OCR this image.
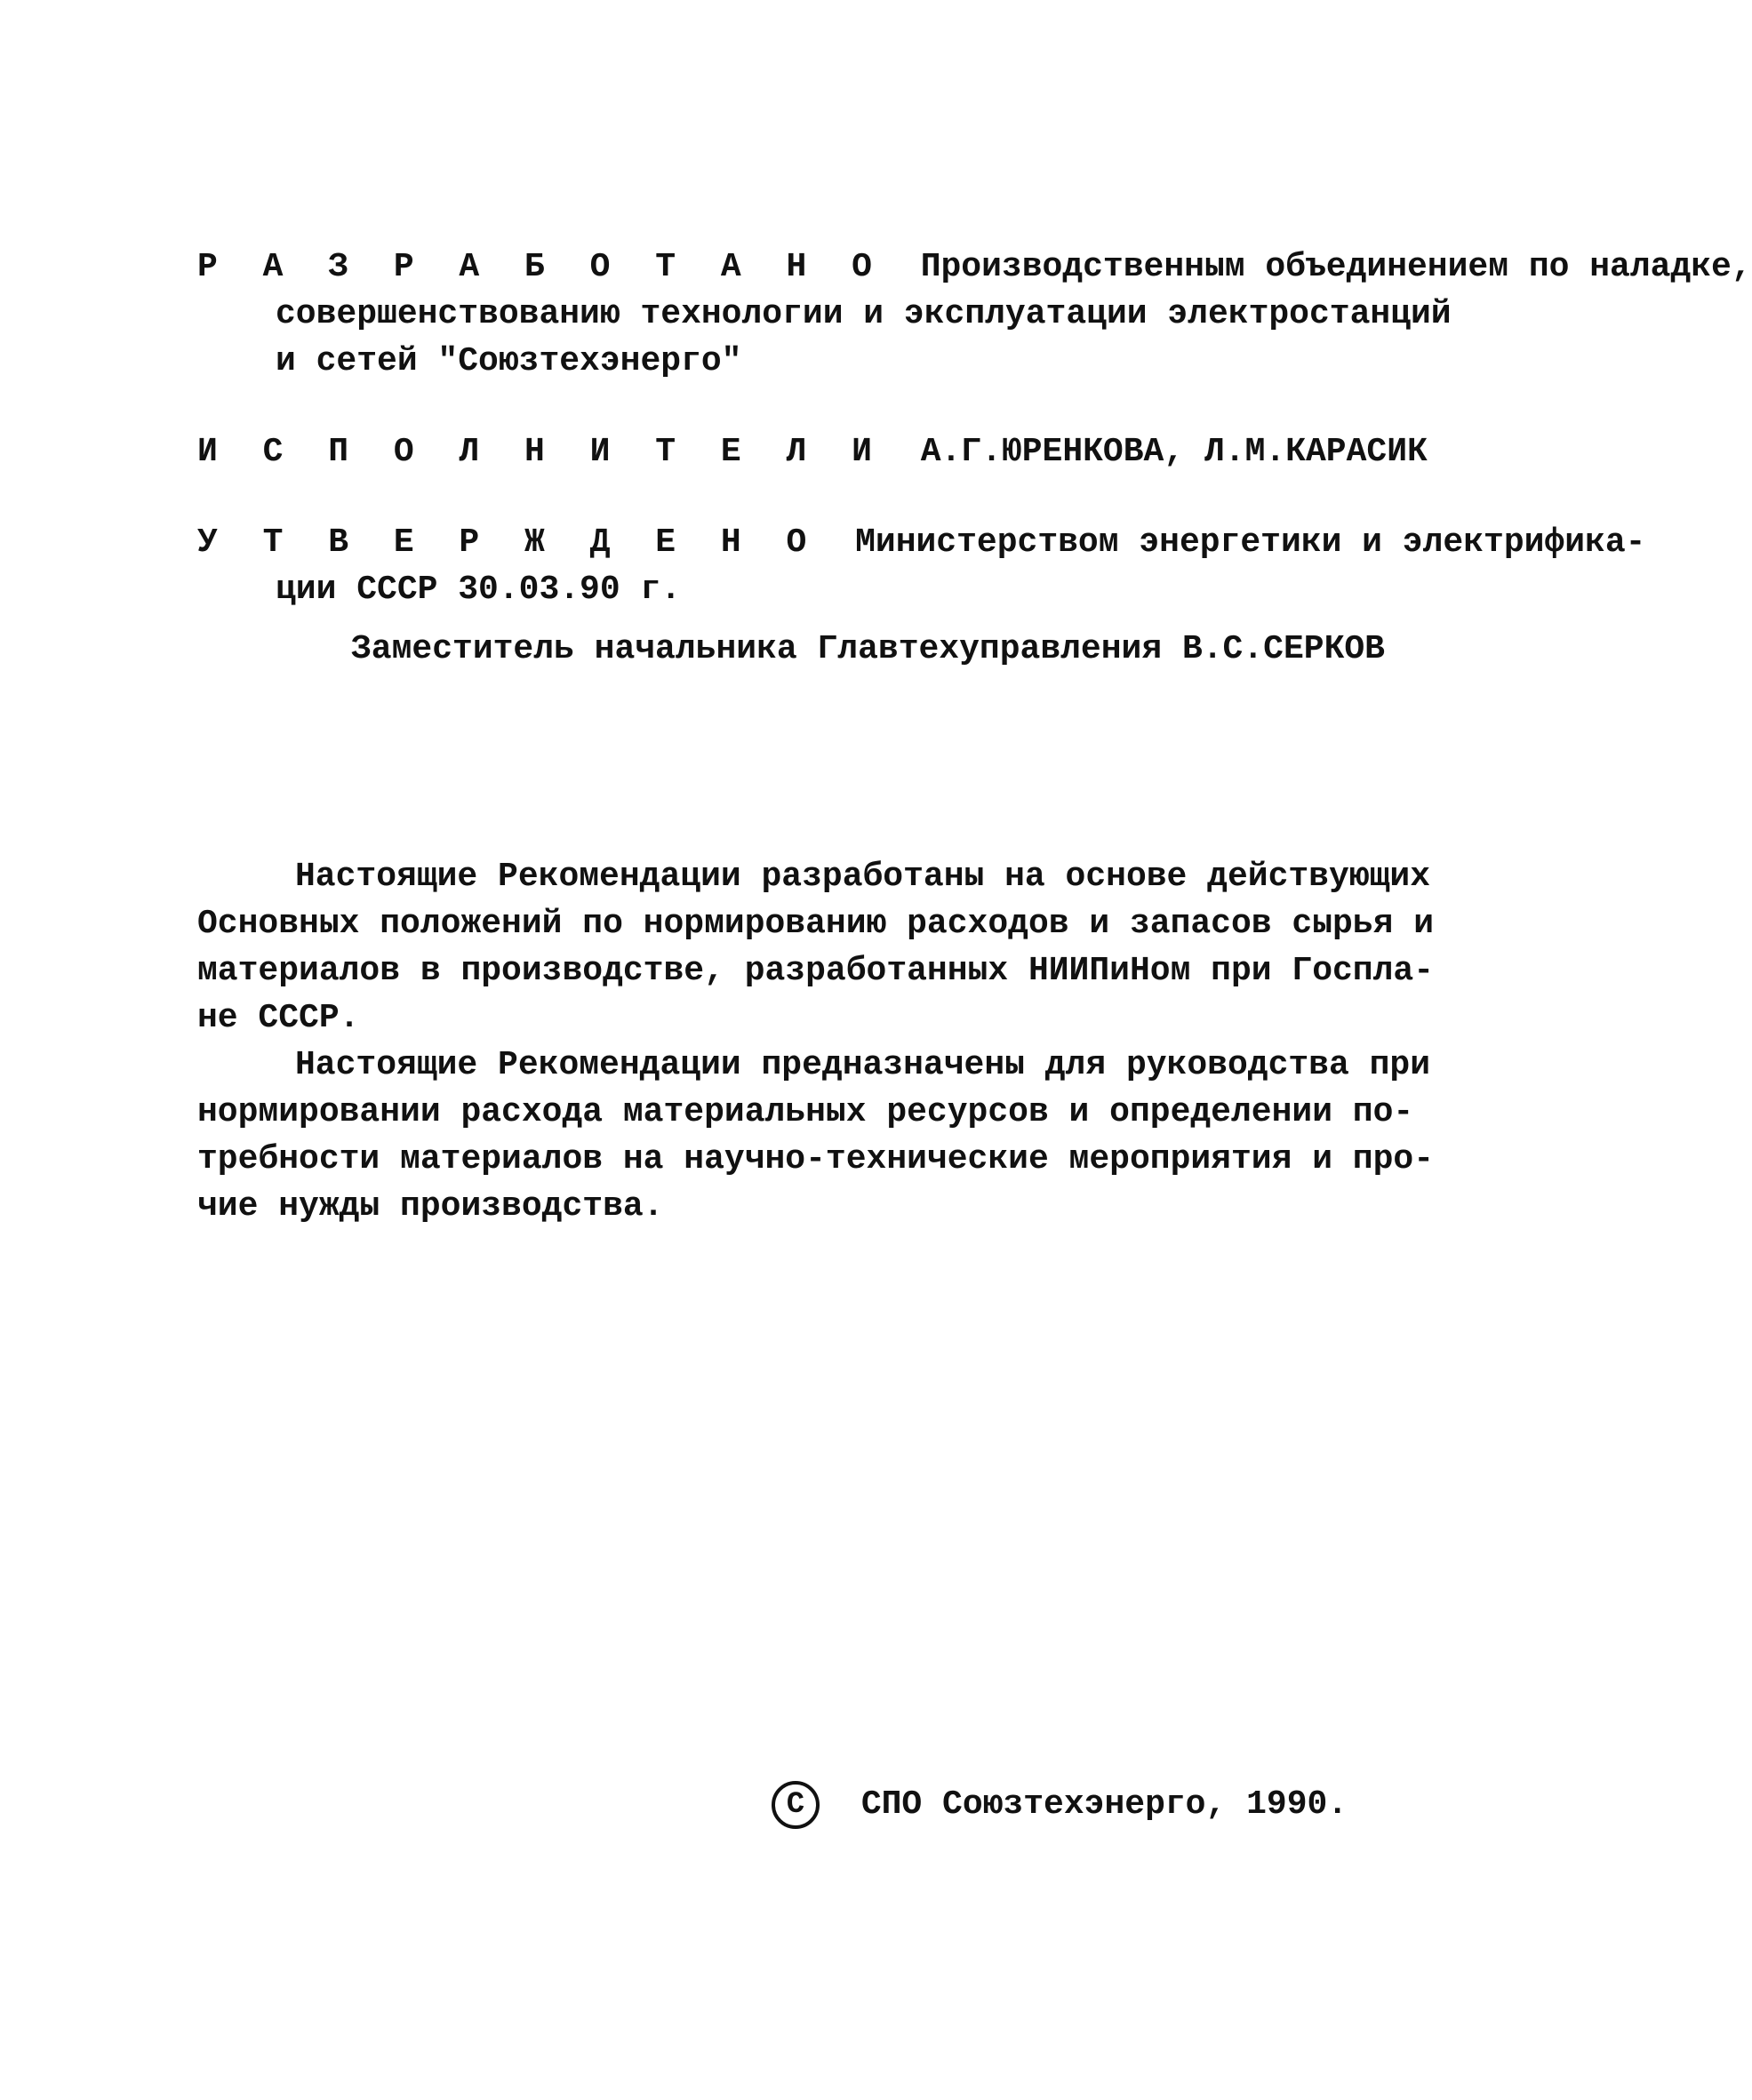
Р А З Р А Б О Т А Н О Производственным объединением по наладке,
совершенствованию технологии и эксплуатации электростанций
и сетей "Союзтехэнерго"
И С П О Л Н И Т Е Л И А.Г.ЮРЕНКОВА, Л.М.КАРАСИК
У Т В Е Р Ж Д Е Н О Министерством энергетики и электрифика-
ции СССР 30.03.90 г.
Заместитель начальника Главтехуправления В.С.СЕРКОВ
Настоящие Рекомендации разработаны на основе действующих
Основных положений по нормированию расходов и запасов сырья и
материалов в производстве, разработанных НИИПиНом при Госпла-
не СССР.
Настоящие Рекомендации предназначены для руководства при
нормировании расхода материальных ресурсов и определении по-
требности материалов на научно-технические мероприятия и про-
чие нужды производства.
С СПО Союзтехэнерго, 1990.
